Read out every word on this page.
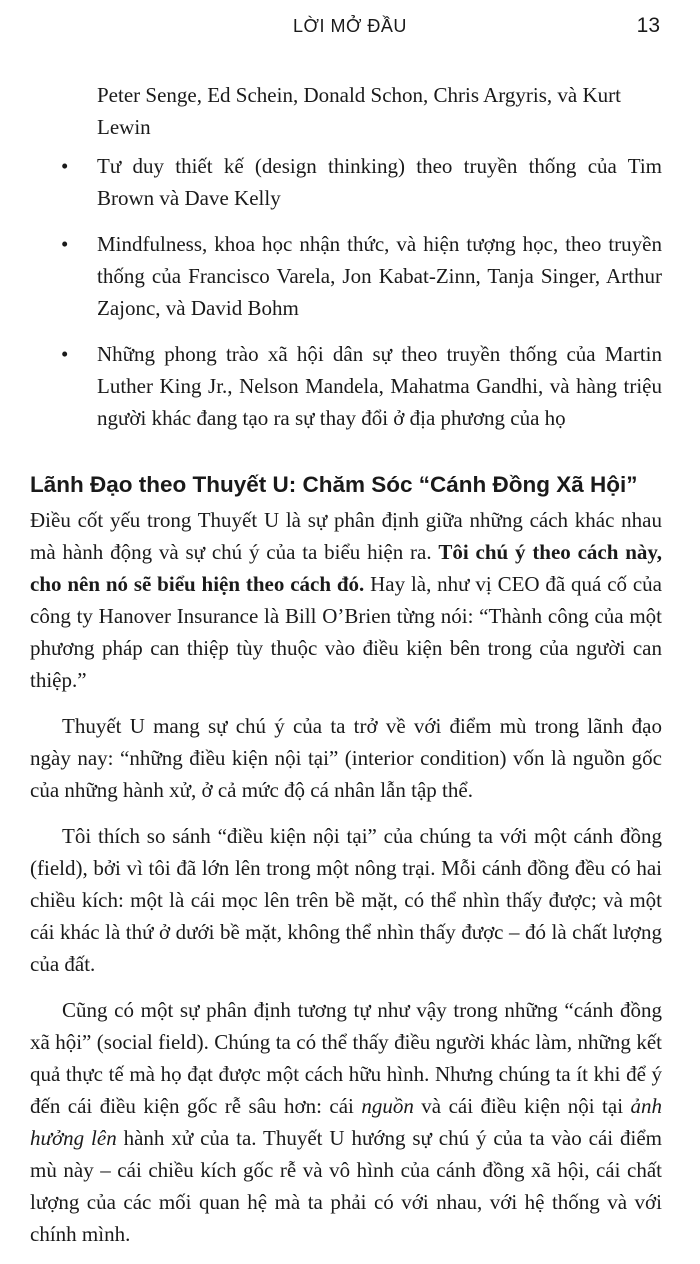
LỜI MỞ ĐẦU	13
Peter Senge, Ed Schein, Donald Schon, Chris Argyris, và Kurt Lewin
• Tư duy thiết kế (design thinking) theo truyền thống của Tim Brown và Dave Kelly
• Mindfulness, khoa học nhận thức, và hiện tượng học, theo truyền thống của Francisco Varela, Jon Kabat-Zinn, Tanja Singer, Arthur Zajonc, và David Bohm
• Những phong trào xã hội dân sự theo truyền thống của Martin Luther King Jr., Nelson Mandela, Mahatma Gandhi, và hàng triệu người khác đang tạo ra sự thay đổi ở địa phương của họ
Lãnh Đạo theo Thuyết U: Chăm Sóc “Cánh Đồng Xã Hội”

Điều cốt yếu trong Thuyết U là sự phân định giữa những cách khác nhau mà hành động và sự chú ý của ta biểu hiện ra. Tôi chú ý theo cách này, cho nên nó sẽ biểu hiện theo cách đó. Hay là, như vị CEO đã quá cố của công ty Hanover Insurance là Bill O’Brien từng nói: “Thành công của một phương pháp can thiệp tùy thuộc vào điều kiện bên trong của người can thiệp.”

Thuyết U mang sự chú ý của ta trở về với điểm mù trong lãnh đạo ngày nay: “những điều kiện nội tại” (interior condition) vốn là nguồn gốc của những hành xử, ở cả mức độ cá nhân lẫn tập thể.

Tôi thích so sánh “điều kiện nội tại” của chúng ta với một cánh đồng (field), bởi vì tôi đã lớn lên trong một nông trại. Mỗi cánh đồng đều có hai chiều kích: một là cái mọc lên trên bề mặt, có thể nhìn thấy được; và một cái khác là thứ ở dưới bề mặt, không thể nhìn thấy được – đó là chất lượng của đất.

Cũng có một sự phân định tương tự như vậy trong những “cánh đồng xã hội” (social field). Chúng ta có thể thấy điều người khác làm, những kết quả thực tế mà họ đạt được một cách hữu hình. Nhưng chúng ta ít khi để ý đến cái điều kiện gốc rễ sâu hơn: cái nguồn và cái điều kiện nội tại ảnh hưởng lên hành xử của ta. Thuyết U hướng sự chú ý của ta vào cái điểm mù này – cái chiều kích gốc rễ và vô hình của cánh đồng xã hội, cái chất lượng của các mối quan hệ mà ta phải có với nhau, với hệ thống và với chính mình.
